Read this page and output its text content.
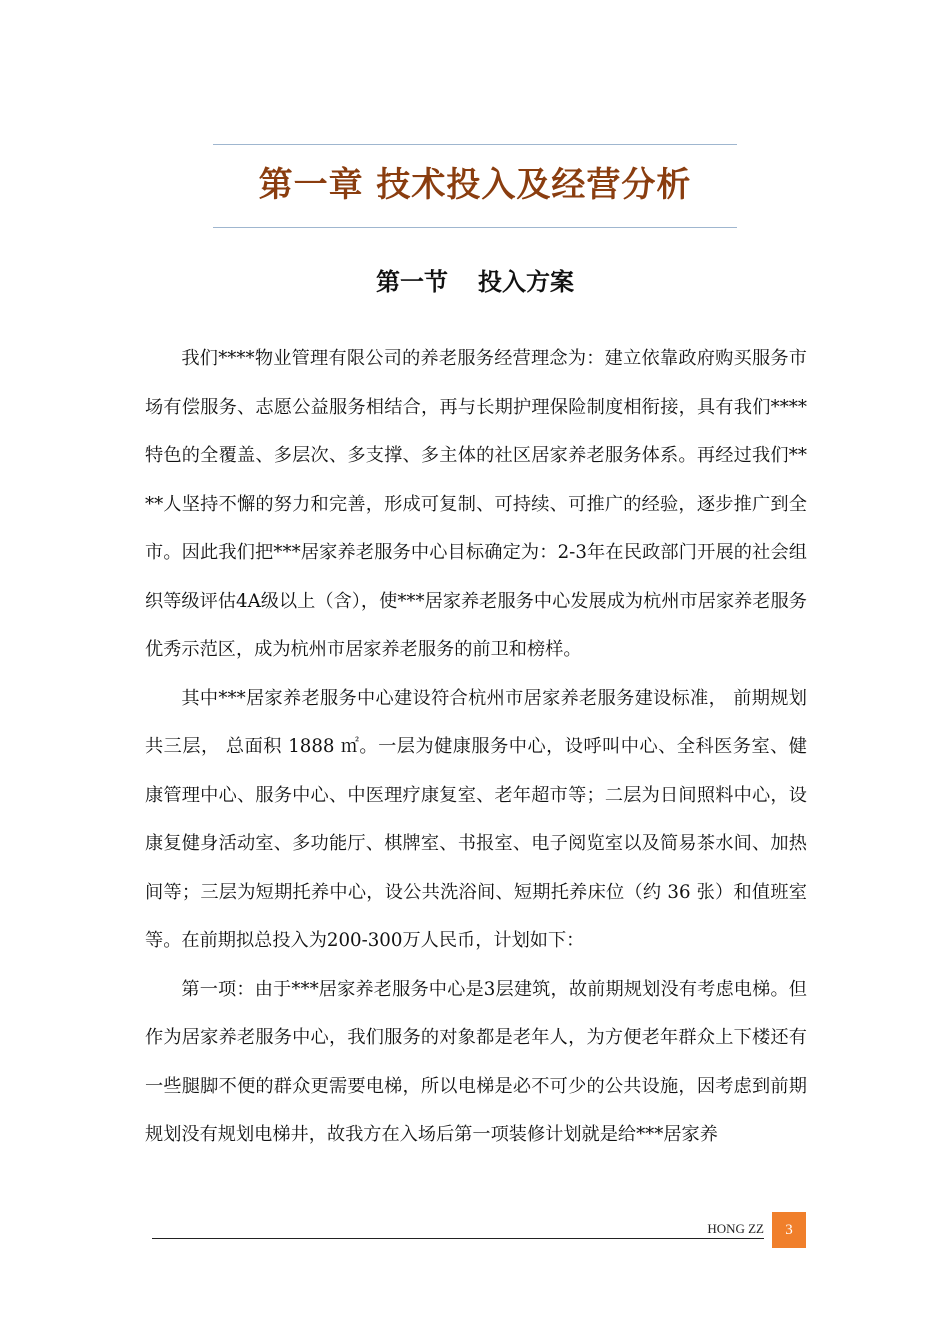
第一章 技术投入及经营分析
第一节 投入方案

我们****物业管理有限公司的养老服务经营理念为：建立依靠政府购买服务市场有偿服务、志愿公益服务相结合，再与长期护理保险制度相衔接，具有我们****特色的全覆盖、多层次、多支撑、多主体的社区居家养老服务体系。再经过我们****人坚持不懈的努力和完善，形成可复制、可持续、可推广的经验，逐步推广到全市。因此我们把***居家养老服务中心目标确定为：2-3年在民政部门开展的社会组织等级评估4A级以上（含），使***居家养老服务中心发展成为杭州市居家养老服务优秀示范区，成为杭州市居家养老服务的前卫和榜样。

其中***居家养老服务中心建设符合杭州市居家养老服务建设标准， 前期规划共三层， 总面积 1888 ㎡。一层为健康服务中心，设呼叫中心、全科医务室、健康管理中心、服务中心、中医理疗康复室、老年超市等；二层为日间照料中心，设康复健身活动室、多功能厅、棋牌室、书报室、电子阅览室以及简易茶水间、加热间等；三层为短期托养中心，设公共洗浴间、短期托养床位（约 36 张）和值班室等。在前期拟总投入为200-300万人民币，计划如下：

第一项：由于***居家养老服务中心是3层建筑，故前期规划没有考虑电梯。但作为居家养老服务中心，我们服务的对象都是老年人，为方便老年群众上下楼还有一些腿脚不便的群众更需要电梯，所以电梯是必不可少的公共设施，因考虑到前期规划没有规划电梯井，故我方在入场后第一项装修计划就是给***居家养

HONG ZZ	3
